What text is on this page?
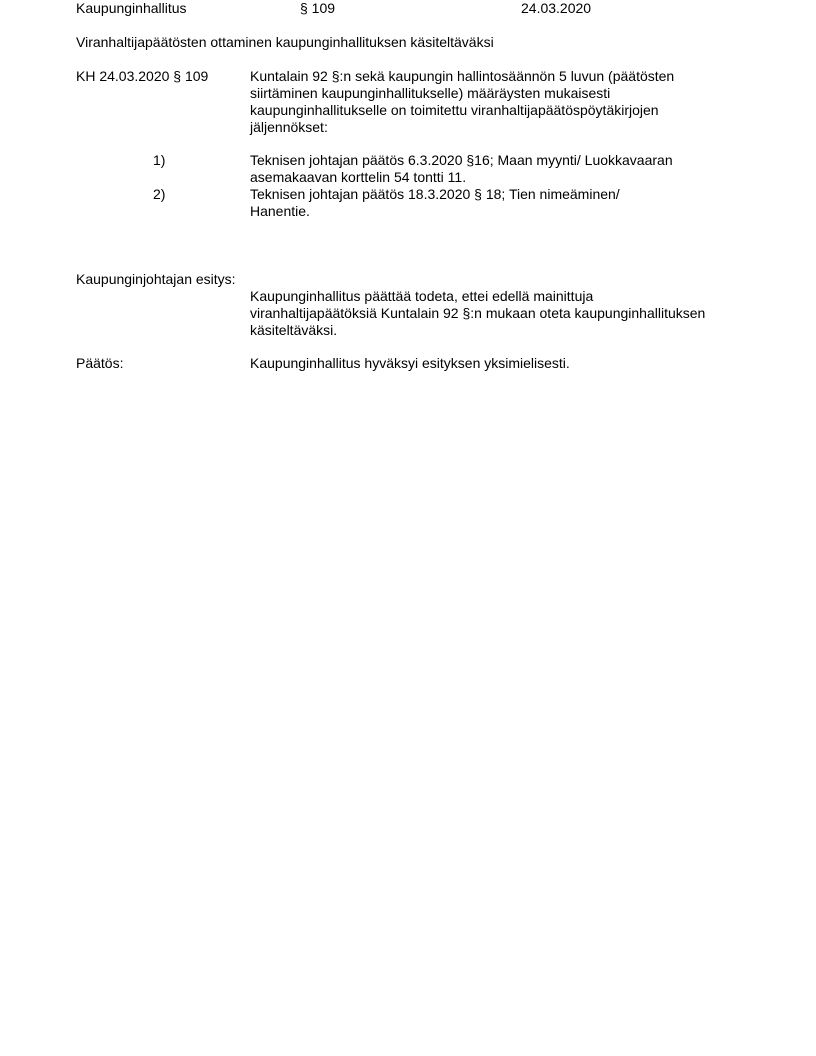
Kaupunginhallitus	§ 109	24.03.2020
Viranhaltijapäätösten ottaminen kaupunginhallituksen käsiteltäväksi
KH 24.03.2020 § 109	Kuntalain 92 §:n sekä kaupungin hallintosäännön 5 luvun (päätösten
siirtäminen kaupunginhallitukselle) määräysten mukaisesti
kaupunginhallitukselle on toimitettu viranhaltijapäätöspöytäkirjojen
jäljennökset:
1)	Teknisen johtajan päätös 6.3.2020 §16; Maan myynti/ Luokkavaaran
asemakaavan korttelin 54 tontti 11.
2)	Teknisen johtajan päätös 18.3.2020 § 18; Tien nimeäminen/
Hanentie.
Kaupunginjohtajan esitys:
Kaupunginhallitus päättää todeta, ettei edellä mainittuja
viranhaltijapäätöksiä Kuntalain 92 §:n mukaan oteta kaupunginhallituksen
käsiteltäväksi.
Päätös:	Kaupunginhallitus hyväksyi esityksen yksimielisesti.
